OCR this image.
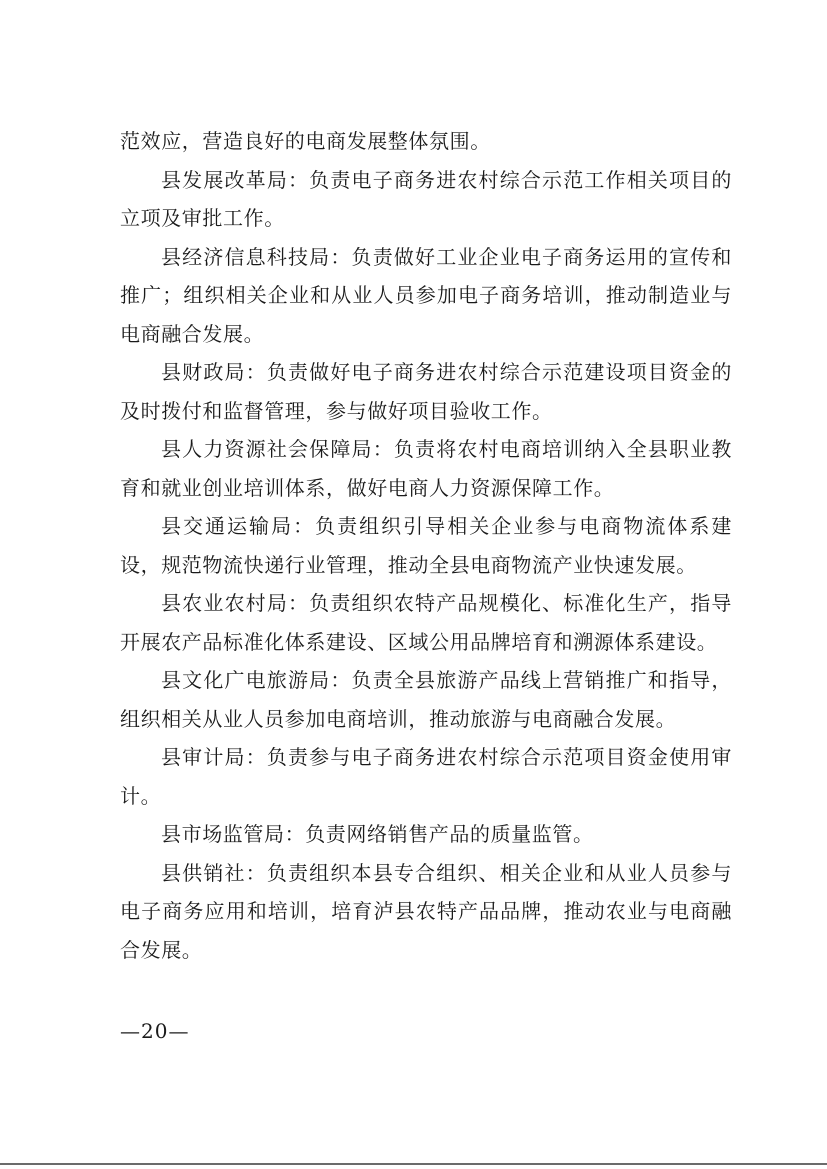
范效应，营造良好的电商发展整体氛围。

县发展改革局：负责电子商务进农村综合示范工作相关项目的立项及审批工作。

县经济信息科技局：负责做好工业企业电子商务运用的宣传和推广；组织相关企业和从业人员参加电子商务培训，推动制造业与电商融合发展。

县财政局：负责做好电子商务进农村综合示范建设项目资金的及时拨付和监督管理，参与做好项目验收工作。

县人力资源社会保障局：负责将农村电商培训纳入全县职业教育和就业创业培训体系，做好电商人力资源保障工作。

县交通运输局：负责组织引导相关企业参与电商物流体系建设，规范物流快递行业管理，推动全县电商物流产业快速发展。

县农业农村局：负责组织农特产品规模化、标准化生产，指导开展农产品标准化体系建设、区域公用品牌培育和溯源体系建设。

县文化广电旅游局：负责全县旅游产品线上营销推广和指导，组织相关从业人员参加电商培训，推动旅游与电商融合发展。

县审计局：负责参与电子商务进农村综合示范项目资金使用审计。

县市场监管局：负责网络销售产品的质量监管。

县供销社：负责组织本县专合组织、相关企业和从业人员参与电子商务应用和培训，培育泸县农特产品品牌，推动农业与电商融合发展。

—20—
